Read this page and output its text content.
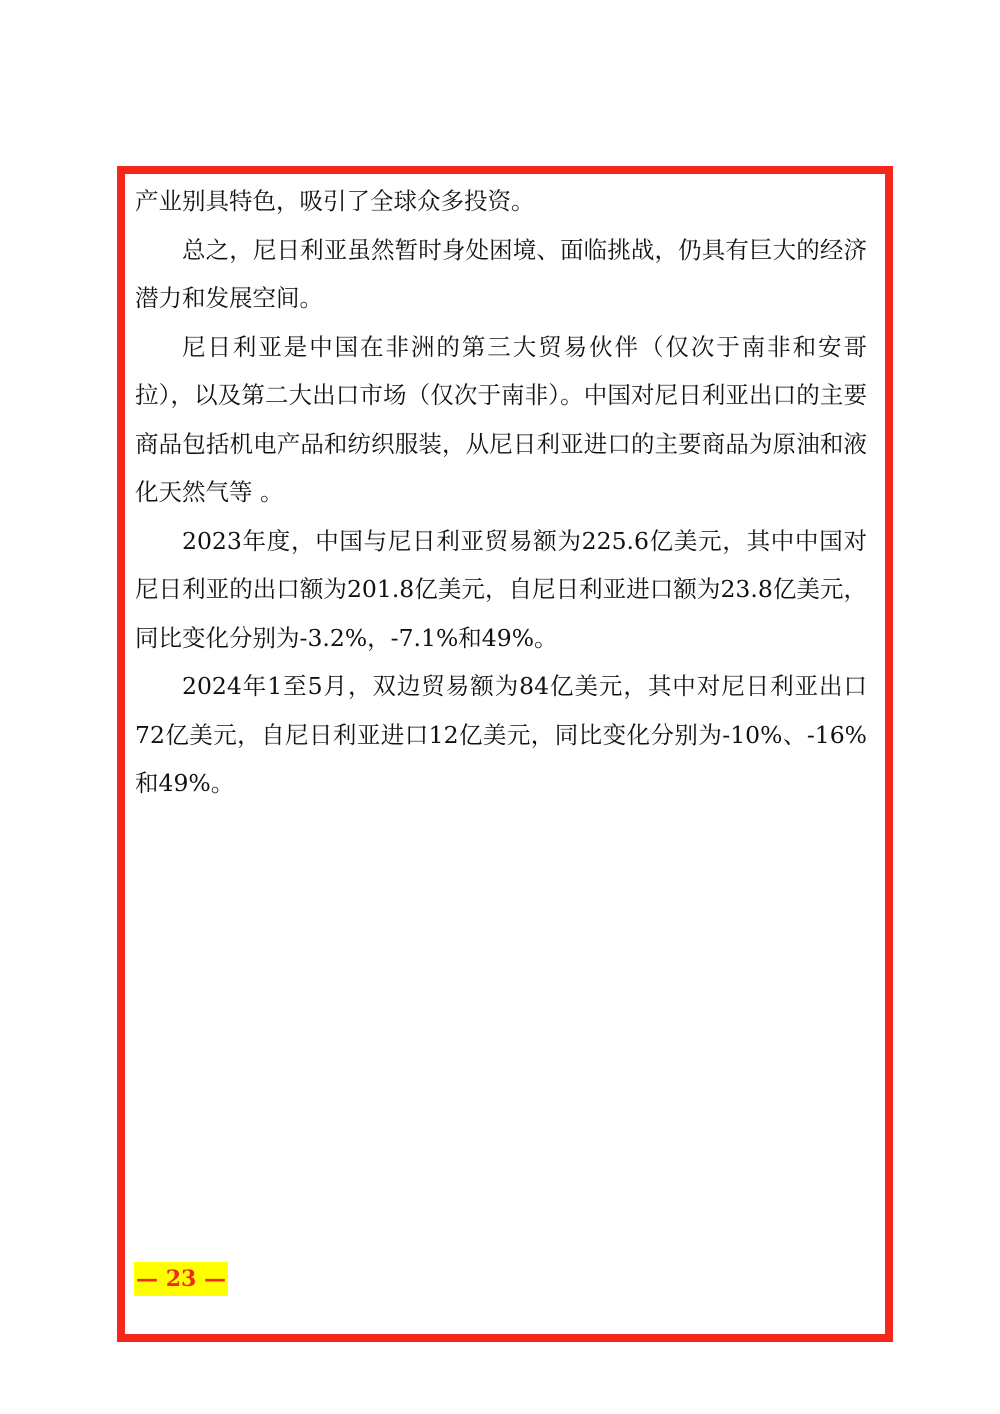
产业别具特色，吸引了全球众多投资。

总之，尼日利亚虽然暂时身处困境、面临挑战，仍具有巨大的经济潜力和发展空间。

尼日利亚是中国在非洲的第三大贸易伙伴（仅次于南非和安哥拉），以及第二大出口市场（仅次于南非）。中国对尼日利亚出口的主要商品包括机电产品和纺织服装，从尼日利亚进口的主要商品为原油和液化天然气等 。

2023年度，中国与尼日利亚贸易额为225.6亿美元，其中中国对尼日利亚的出口额为201.8亿美元，自尼日利亚进口额为23.8亿美元，同比变化分别为-3.2%，-7.1%和49%。

2024年1至5月，双边贸易额为84亿美元，其中对尼日利亚出口72亿美元，自尼日利亚进口12亿美元，同比变化分别为-10%、-16%和49%。

— 23 —
